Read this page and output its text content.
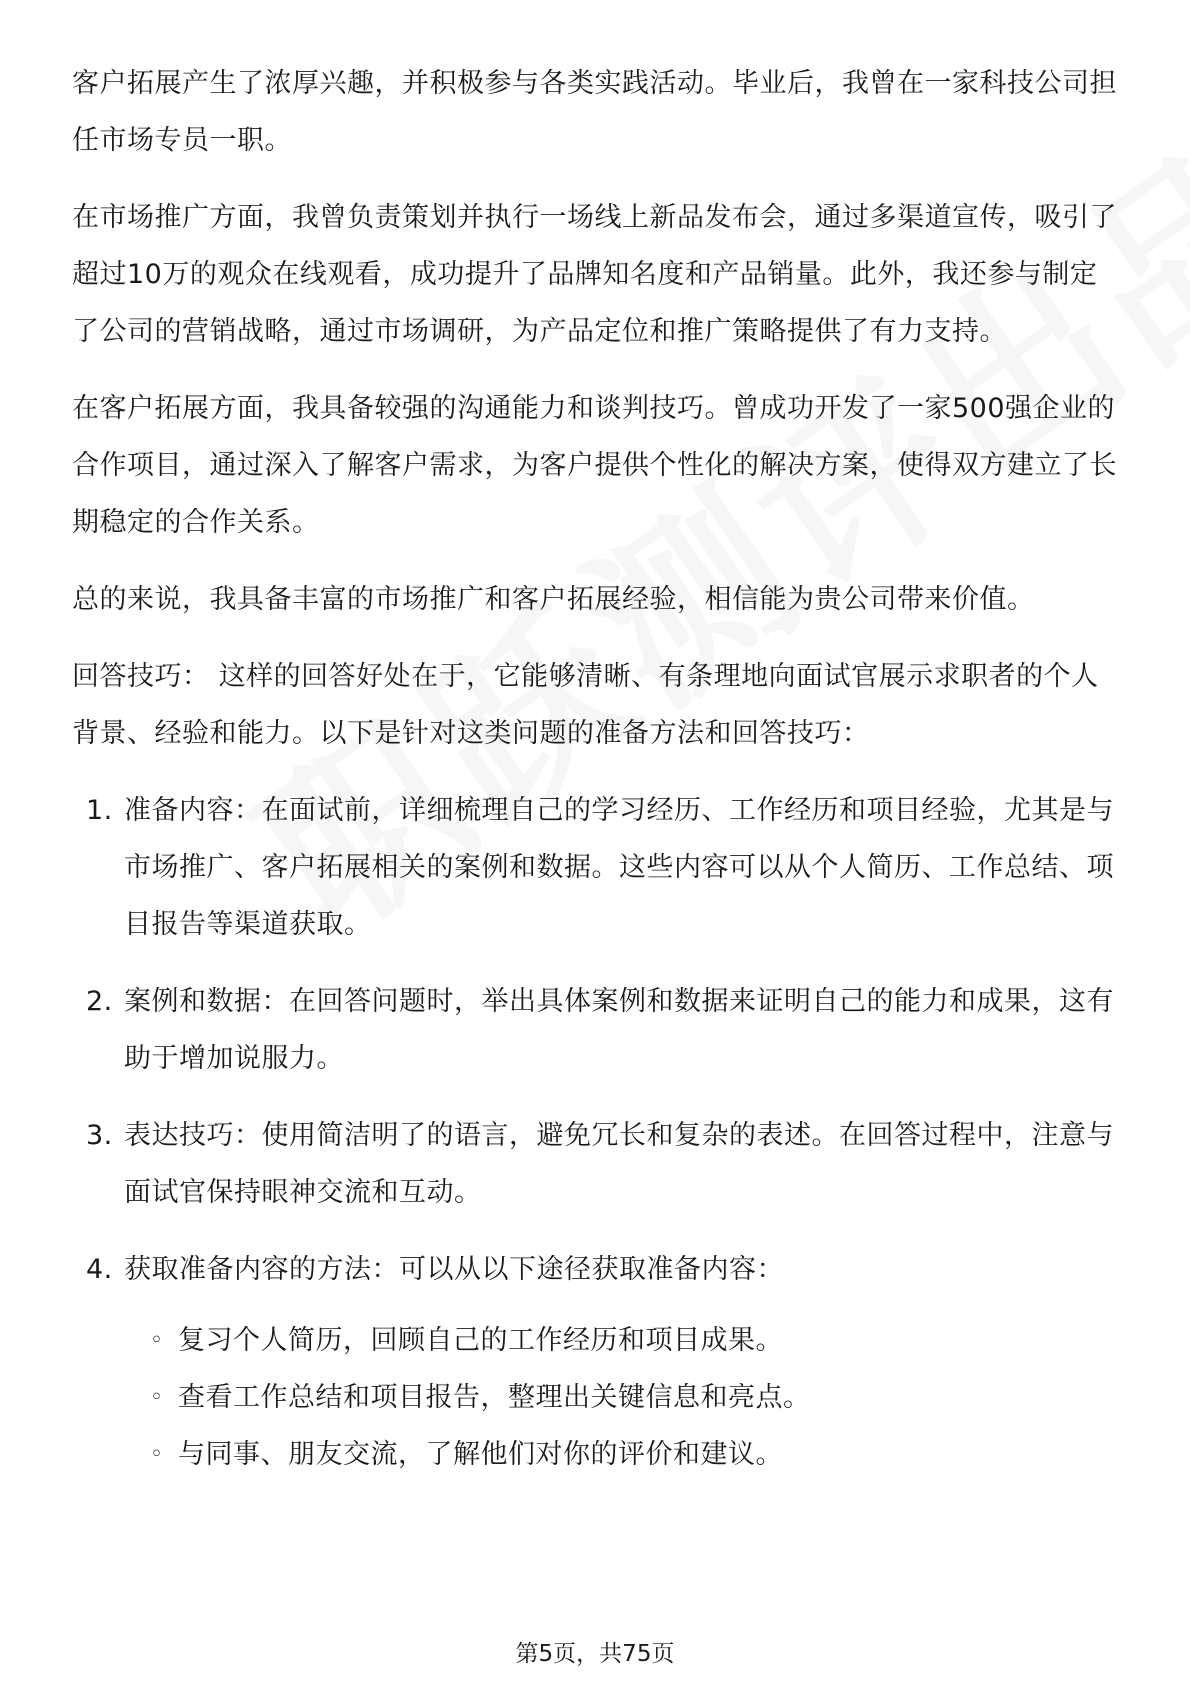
客户拓展产生了浓厚兴趣，并积极参与各类实践活动。毕业后，我曾在一家科技公司担任市场专员一职。

在市场推广方面，我曾负责策划并执行一场线上新品发布会，通过多渠道宣传，吸引了超过10万的观众在线观看，成功提升了品牌知名度和产品销量。此外，我还参与制定了公司的营销战略，通过市场调研，为产品定位和推广策略提供了有力支持。

在客户拓展方面，我具备较强的沟通能力和谈判技巧。曾成功开发了一家500强企业的合作项目，通过深入了解客户需求，为客户提供个性化的解决方案，使得双方建立了长期稳定的合作关系。

总的来说，我具备丰富的市场推广和客户拓展经验，相信能为贵公司带来价值。

回答技巧： 这样的回答好处在于，它能够清晰、有条理地向面试官展示求职者的个人背景、经验和能力。以下是针对这类问题的准备方法和回答技巧：

1. 准备内容：在面试前，详细梳理自己的学习经历、工作经历和项目经验，尤其是与市场推广、客户拓展相关的案例和数据。这些内容可以从个人简历、工作总结、项目报告等渠道获取。
2. 案例和数据：在回答问题时，举出具体案例和数据来证明自己的能力和成果，这有助于增加说服力。
3. 表达技巧：使用简洁明了的语言，避免冗长和复杂的表述。在回答过程中，注意与面试官保持眼神交流和互动。
4. 获取准备内容的方法：可以从以下途径获取准备内容：
◦ 复习个人简历，回顾自己的工作经历和项目成果。
◦ 查看工作总结和项目报告，整理出关键信息和亮点。
◦ 与同事、朋友交流，了解他们对你的评价和建议。
第5页，共75页
